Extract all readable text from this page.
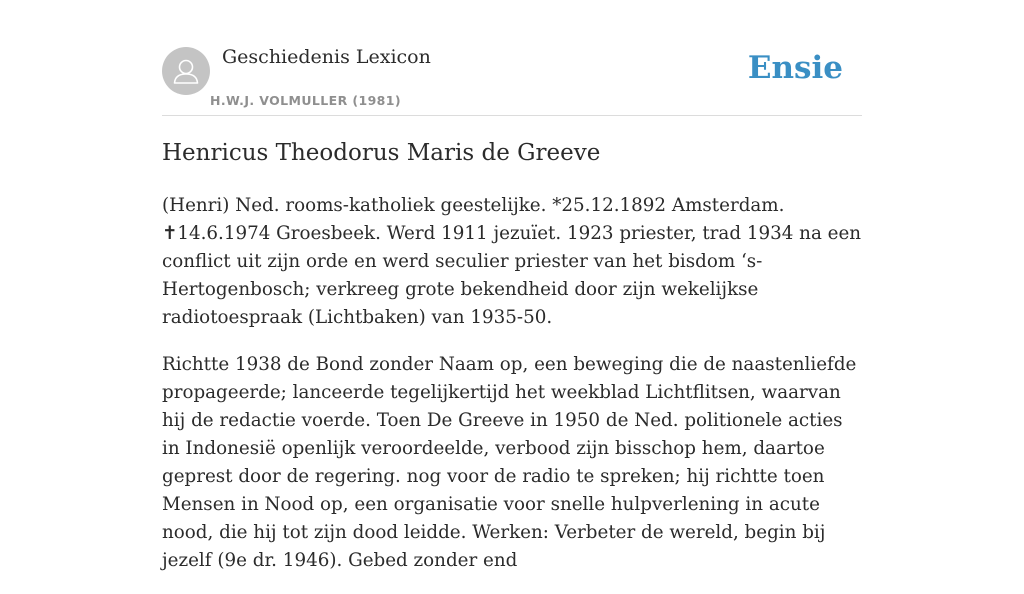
Geschiedenis Lexicon
H.W.J. VOLMULLER (1981)
Ensie
Henricus Theodorus Maris de Greeve

(Henri) Ned. rooms-katholiek geestelijke. *25.12.1892 Amsterdam. ✝14.6.1974 Groesbeek. Werd 1911 jezuïet. 1923 priester, trad 1934 na een conflict uit zijn orde en werd seculier priester van het bisdom ‘s-Hertogenbosch; verkreeg grote bekendheid door zijn wekelijkse radiotoespraak (Lichtbaken) van 1935-50.

Richtte 1938 de Bond zonder Naam op, een beweging die de naastenliefde propageerde; lanceerde tegelijkertijd het weekblad Lichtflitsen, waarvan hij de redactie voerde. Toen De Greeve in 1950 de Ned. politionele acties in Indonesië openlijk veroordeelde, verbood zijn bisschop hem, daartoe geprest door de regering. nog voor de radio te spreken; hij richtte toen Mensen in Nood op, een organisatie voor snelle hulpverlening in acute nood, die hij tot zijn dood leidde. Werken: Verbeter de wereld, begin bij jezelf (9e dr. 1946). Gebed zonder end
